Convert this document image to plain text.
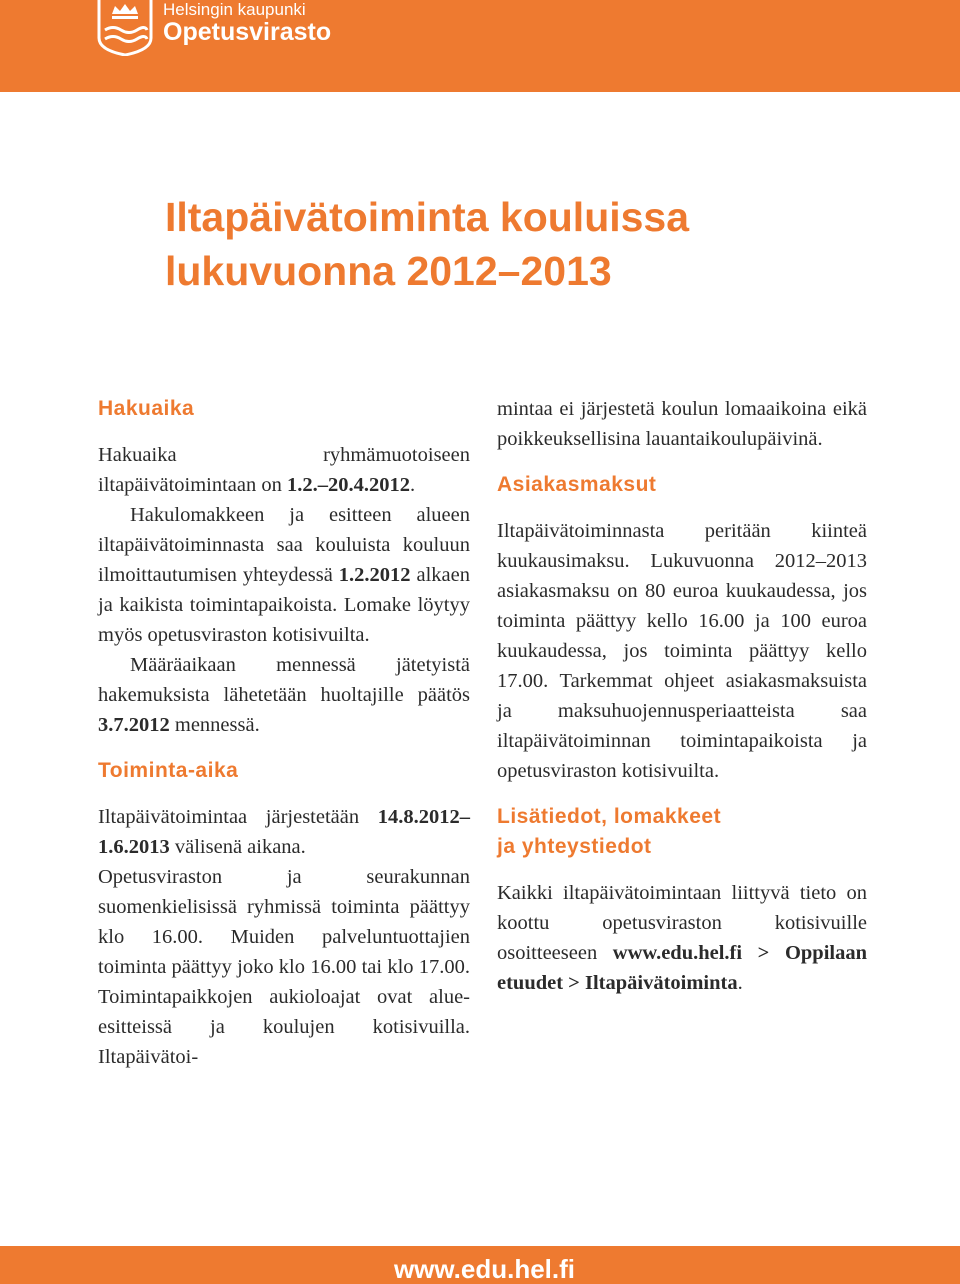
Helsingin kaupunki
Opetusvirasto
Iltapäivätoiminta kouluissa
lukuvuonna 2012–2013
Hakuaika

Hakuaika ryhmämuotoiseen iltapäivätoimintaan on 1.2.–20.4.2012.

Hakulomakkeen ja esitteen alueen iltapäivätoiminnasta saa kouluista kouluun ilmoittautumisen yhteydessä 1.2.2012 alkaen ja kaikista toimintapaikoista. Lomake löytyy myös opetusviraston kotisivuilta.

Määräaikaan mennessä jätetyistä hakemuksista lähetetään huoltajille päätös 3.7.2012 mennessä.

Toiminta-aika

Iltapäivätoimintaa järjestetään 14.8.2012–1.6.2013 välisenä aikana.

Opetusviraston ja seurakunnan suomenkielisissä ryhmissä toiminta päättyy klo 16.00. Muiden palveluntuottajien toiminta päättyy joko klo 16.00 tai klo 17.00. Toimintapaikkojen aukioloajat ovat alue-esitteissä ja koulujen kotisivuilla. Iltapäivätoi-

mintaa ei järjestetä koulun lomaaikoina eikä poikkeuksellisina lauantaikoulupäivinä.

Asiakasmaksut

Iltapäivätoiminnasta peritään kiinteä kuukausimaksu. Lukuvuonna 2012–2013 asiakasmaksu on 80 euroa kuukaudessa, jos toiminta päättyy kello 16.00 ja 100 euroa kuukaudessa, jos toiminta päättyy kello 17.00. Tarkemmat ohjeet asiakasmaksuista ja maksuhuojennusperiaatteista saa iltapäivätoiminnan toimintapaikoista ja opetusviraston kotisivuilta.

Lisätiedot, lomakkeet
ja yhteystiedot

Kaikki iltapäivätoimintaan liittyvä tieto on koottu opetusviraston kotisivuille osoitteeseen www.edu.hel.fi > Oppilaan etuudet > Iltapäivätoiminta.

www.edu.hel.fi
